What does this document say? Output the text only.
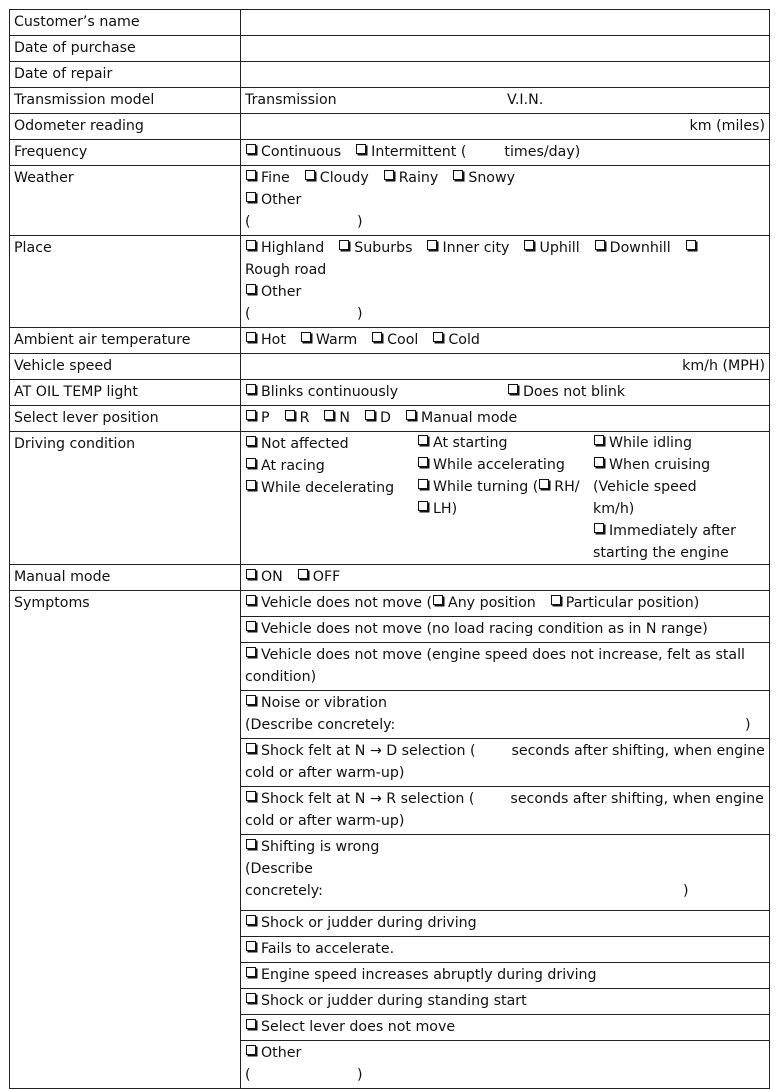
Customer’s name	
Date of purchase	
Date of repair	
Transmission model		Transmission	V.I.N.

Odometer reading	km (miles)
Frequency	Continuous Intermittent (	times/day)
Weather	Fine Cloudy Rainy Snowy
Other
(	)

Place	Highland Suburbs Inner city Uphill Downhill
Rough road
Other
(	)

Ambient air temperature	Hot Warm Cool Cold
Vehicle speed	km/h (MPH)
AT OIL TEMP light		Blinks continuously	Does not blink

Select lever position	P R N D Manual mode
Driving condition		Not affected
At racing
While decelerating

At starting
While accelerating
While turning ( RH/
LH)

While idling
When cruising
(Vehicle speed
km/h)
Immediately after
starting the engine

Manual mode	ON OFF
Symptoms		Vehicle does not move ( Any position Particular position)
Vehicle does not move (no load racing condition as in N range)
Vehicle does not move (engine speed does not increase, felt as stall condition)

Noise or vibration
(Describe concretely:	)

Shock felt at N → D selection (	seconds after shifting, when engine cold or after warm-up)
Shock felt at N → R selection (	seconds after shifting, when engine cold or after warm-up)

Shifting is wrong
(Describe
concretely:	)

Shock or judder during driving
Fails to accelerate.
Engine speed increases abruptly during driving
Shock or judder during standing start
Select lever does not move

Other
(	)
